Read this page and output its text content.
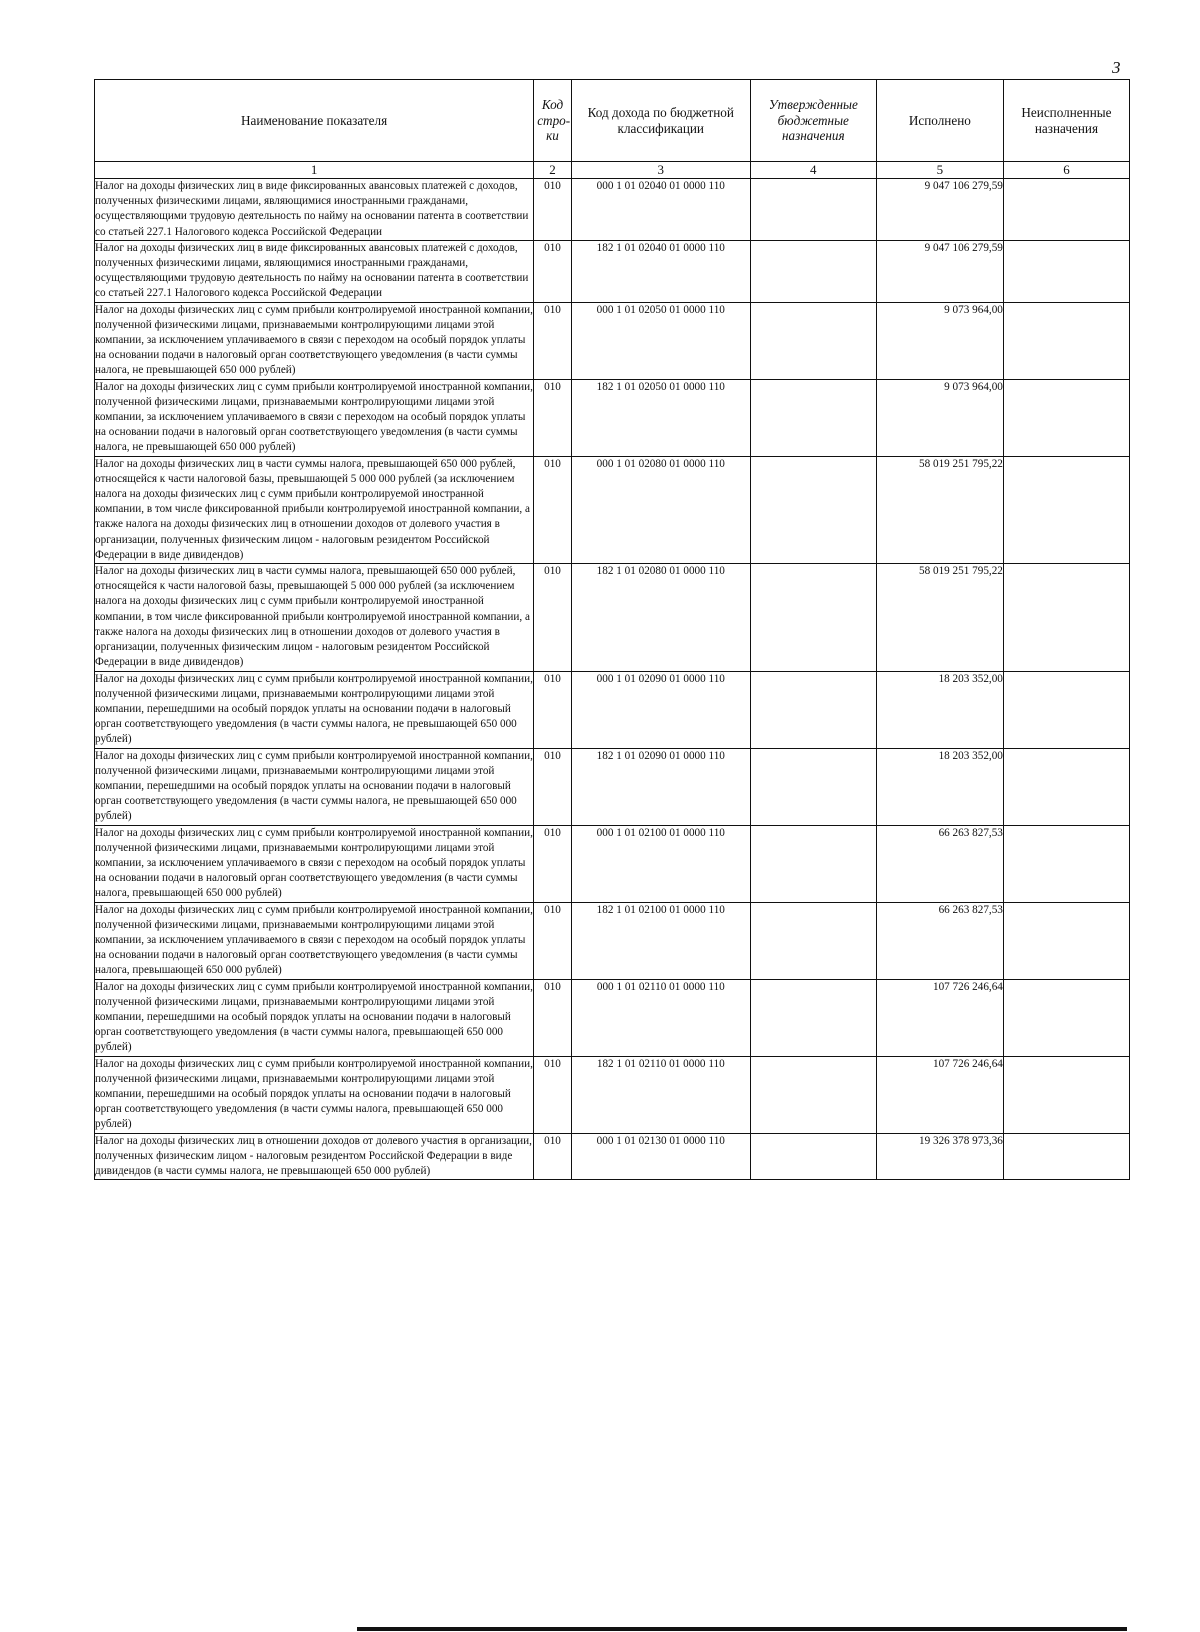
3
Наименование показателя	Код стро- ки	Код дохода по бюджетной классификации	Утвержденные бюджетные назначения	Исполнено	Неисполненные назначения
1	2	3	4	5	6
Налог на доходы физических лиц в виде фиксированных авансовых платежей с доходов, полученных физическими лицами, являющимися иностранными гражданами, осуществляющими трудовую деятельность по найму на основании патента в соответствии со статьей 227.1 Налогового кодекса Российской Федерации	010	000 1 01 02040 01 0000 110		9 047 106 279,59	
Налог на доходы физических лиц в виде фиксированных авансовых платежей с доходов, полученных физическими лицами, являющимися иностранными гражданами, осуществляющими трудовую деятельность по найму на основании патента в соответствии со статьей 227.1 Налогового кодекса Российской Федерации	010	182 1 01 02040 01 0000 110		9 047 106 279,59	
Налог на доходы физических лиц с сумм прибыли контролируемой иностранной компании, полученной физическими лицами, признаваемыми контролирующими лицами этой компании, за исключением уплачиваемого в связи с переходом на особый порядок уплаты на основании подачи в налоговый орган соответствующего уведомления (в части суммы налога, не превышающей 650 000 рублей)	010	000 1 01 02050 01 0000 110		9 073 964,00	
Налог на доходы физических лиц с сумм прибыли контролируемой иностранной компании, полученной физическими лицами, признаваемыми контролирующими лицами этой компании, за исключением уплачиваемого в связи с переходом на особый порядок уплаты на основании подачи в налоговый орган соответствующего уведомления (в части суммы налога, не превышающей 650 000 рублей)	010	182 1 01 02050 01 0000 110		9 073 964,00	
Налог на доходы физических лиц в части суммы налога, превышающей 650 000 рублей, относящейся к части налоговой базы, превышающей 5 000 000 рублей (за исключением налога на доходы физических лиц с сумм прибыли контролируемой иностранной компании, в том числе фиксированной прибыли контролируемой иностранной компании, а также налога на доходы физических лиц в отношении доходов от долевого участия в организации, полученных физическим лицом - налоговым резидентом Российской Федерации в виде дивидендов)	010	000 1 01 02080 01 0000 110		58 019 251 795,22	
Налог на доходы физических лиц в части суммы налога, превышающей 650 000 рублей, относящейся к части налоговой базы, превышающей 5 000 000 рублей (за исключением налога на доходы физических лиц с сумм прибыли контролируемой иностранной компании, в том числе фиксированной прибыли контролируемой иностранной компании, а также налога на доходы физических лиц в отношении доходов от долевого участия в организации, полученных физическим лицом - налоговым резидентом Российской Федерации в виде дивидендов)	010	182 1 01 02080 01 0000 110		58 019 251 795,22	
Налог на доходы физических лиц с сумм прибыли контролируемой иностранной компании, полученной физическими лицами, признаваемыми контролирующими лицами этой компании, перешедшими на особый порядок уплаты на основании подачи в налоговый орган соответствующего уведомления (в части суммы налога, не превышающей 650 000 рублей)	010	000 1 01 02090 01 0000 110		18 203 352,00	
Налог на доходы физических лиц с сумм прибыли контролируемой иностранной компании, полученной физическими лицами, признаваемыми контролирующими лицами этой компании, перешедшими на особый порядок уплаты на основании подачи в налоговый орган соответствующего уведомления (в части суммы налога, не превышающей 650 000 рублей)	010	182 1 01 02090 01 0000 110		18 203 352,00	
Налог на доходы физических лиц с сумм прибыли контролируемой иностранной компании, полученной физическими лицами, признаваемыми контролирующими лицами этой компании, за исключением уплачиваемого в связи с переходом на особый порядок уплаты на основании подачи в налоговый орган соответствующего уведомления (в части суммы налога, превышающей 650 000 рублей)	010	000 1 01 02100 01 0000 110		66 263 827,53	
Налог на доходы физических лиц с сумм прибыли контролируемой иностранной компании, полученной физическими лицами, признаваемыми контролирующими лицами этой компании, за исключением уплачиваемого в связи с переходом на особый порядок уплаты на основании подачи в налоговый орган соответствующего уведомления (в части суммы налога, превышающей 650 000 рублей)	010	182 1 01 02100 01 0000 110		66 263 827,53	
Налог на доходы физических лиц с сумм прибыли контролируемой иностранной компании, полученной физическими лицами, признаваемыми контролирующими лицами этой компании, перешедшими на особый порядок уплаты на основании подачи в налоговый орган соответствующего уведомления (в части суммы налога, превышающей 650 000 рублей)	010	000 1 01 02110 01 0000 110		107 726 246,64	
Налог на доходы физических лиц с сумм прибыли контролируемой иностранной компании, полученной физическими лицами, признаваемыми контролирующими лицами этой компании, перешедшими на особый порядок уплаты на основании подачи в налоговый орган соответствующего уведомления (в части суммы налога, превышающей 650 000 рублей)	010	182 1 01 02110 01 0000 110		107 726 246,64	
Налог на доходы физических лиц в отношении доходов от долевого участия в организации, полученных физическим лицом - налоговым резидентом Российской Федерации в виде дивидендов (в части суммы налога, не превышающей 650 000 рублей)	010	000 1 01 02130 01 0000 110		19 326 378 973,36	
